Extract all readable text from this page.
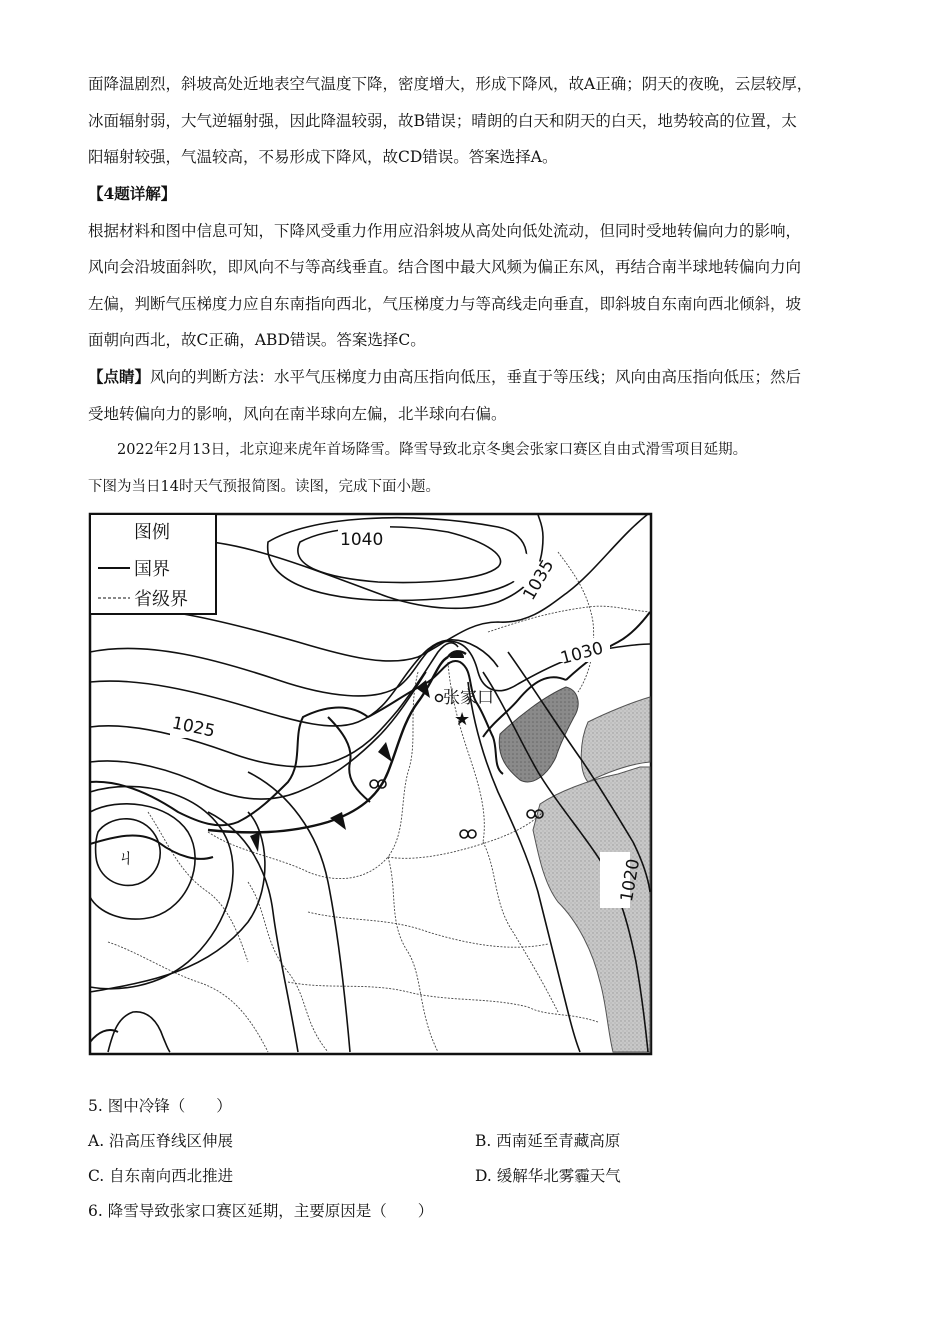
面降温剧烈，斜坡高处近地表空气温度下降，密度增大，形成下降风，故A正确；阴天的夜晚，云层较厚，

冰面辐射弱，大气逆辐射强，因此降温较弱，故B错误；晴朗的白天和阴天的白天，地势较高的位置，太

阳辐射较强，气温较高，不易形成下降风，故CD错误。答案选择A。

【4题详解】

根据材料和图中信息可知，下降风受重力作用应沿斜坡从高处向低处流动，但同时受地转偏向力的影响，

风向会沿坡面斜吹，即风向不与等高线垂直。结合图中最大风频为偏正东风，再结合南半球地转偏向力向

左偏，判断气压梯度力应自东南指向西北，气压梯度力与等高线走向垂直，即斜坡自东南向西北倾斜，坡

面朝向西北，故C正确，ABD错误。答案选择C。

【点睛】风向的判断方法：水平气压梯度力由高压指向低压，垂直于等压线；风向由高压指向低压；然后

受地转偏向力的影响，风向在南半球向左偏，北半球向右偏。

2022年2月13日，北京迎来虎年首场降雪。降雪导致北京冬奥会张家口赛区自由式滑雪项目延期。

下图为当日14时天气预报简图。读图，完成下面小题。

ㄐ
张家口
★
1040
1035
1030
1025
1020
图例
国界
省级界

5. 图中冷锋（　　）

A. 沿高压脊线区伸展	B. 西南延至青藏高原

C. 自东南向西北推进	D. 缓解华北雾霾天气

6. 降雪导致张家口赛区延期，主要原因是（　　）
